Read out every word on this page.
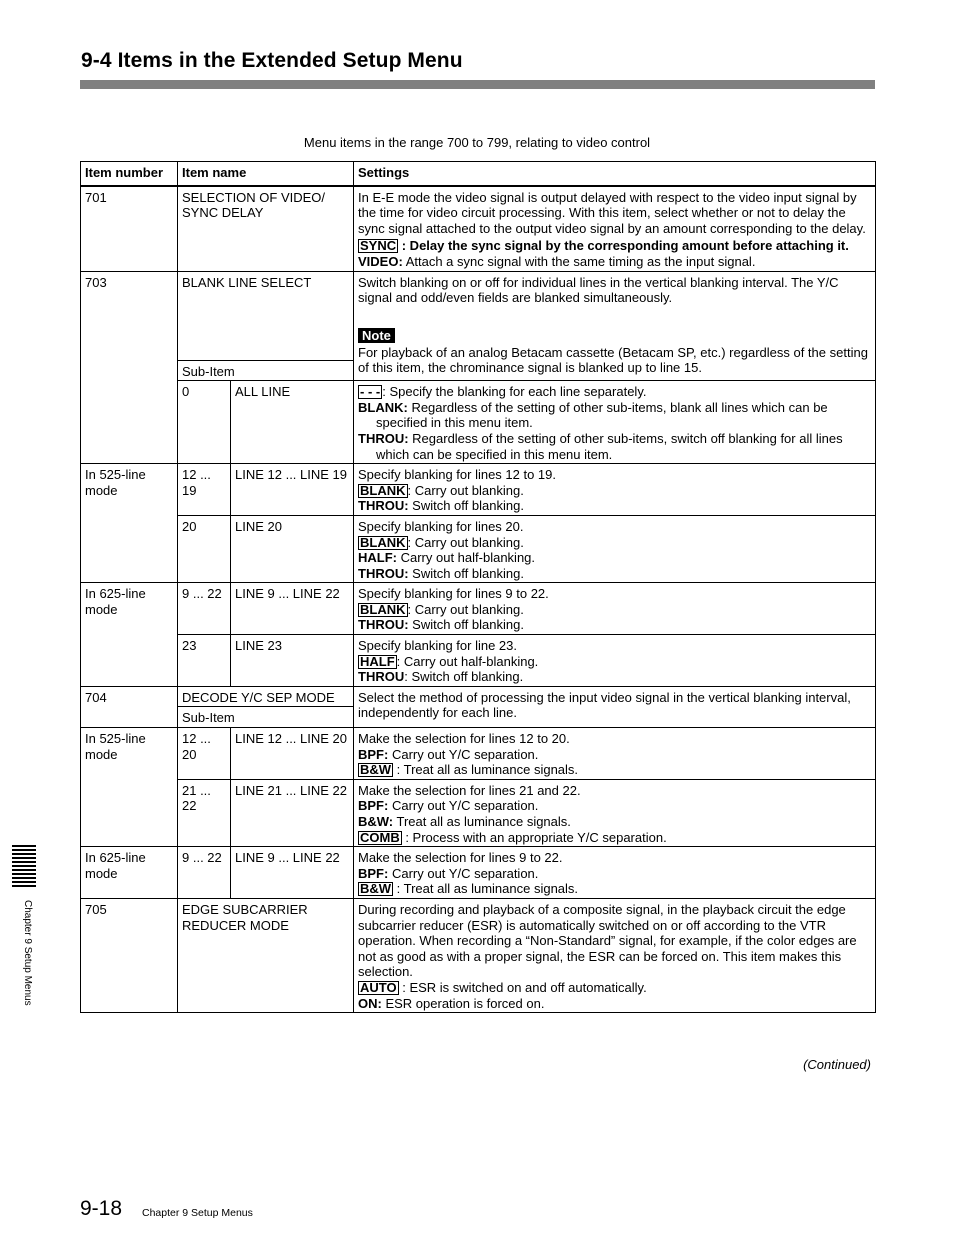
9-4 Items in the Extended Setup Menu
Menu items in the range 700 to 799, relating to video control
Item number	Item name		Settings
701	SELECTION OF VIDEO/ SYNC DELAY		In E-E mode the video signal is output delayed with respect to the video input signal by the time for video circuit processing. With this item, select whether or not to delay the sync signal attached to the output video signal by an amount corresponding to the delay.
SYNC : Delay the sync signal by the corresponding amount before attaching it.
VIDEO: Attach a sync signal with the same timing as the input signal.

703	BLANK LINE SELECT		Switch blanking on or off for individual lines in the vertical blanking interval. The Y/C signal and odd/even fields are blanked simultaneously.
Note
For playback of an analog Betacam cassette (Betacam SP, etc.) regardless of the setting of this item, the chrominance signal is blanked up to line 15.

	Sub-Item		
	0	ALL LINE	- - - : Specify the blanking for each line separately.
BLANK: Regardless of the setting of other sub-items, blank all lines which can be specified in this menu item.
THROU: Regardless of the setting of other sub-items, switch off blanking for all lines which can be specified in this menu item.

In 525-line mode	12 ... 19	LINE 12 ... LINE 19	Specify blanking for lines 12 to 19.
BLANK : Carry out blanking.
THROU: Switch off blanking.

	20	LINE 20	Specify blanking for lines 20.
BLANK : Carry out blanking.
HALF: Carry out half-blanking.
THROU: Switch off blanking.

In 625-line mode	9 ... 22	LINE 9 ... LINE 22	Specify blanking for lines 9 to 22.
BLANK : Carry out blanking.
THROU: Switch off blanking.

	23	LINE 23	Specify blanking for line 23.
HALF : Carry out half-blanking.
THROU: Switch off blanking.

704	DECODE Y/C SEP MODE		Select the method of processing the input video signal in the vertical blanking interval, independently for each line.

	Sub-Item		
In 525-line mode	12 ... 20	LINE 12 ... LINE 20	Make the selection for lines 12 to 20.
BPF: Carry out Y/C separation.
B&W : Treat all as luminance signals.

	21 ... 22	LINE 21 ... LINE 22	Make the selection for lines 21 and 22.
BPF: Carry out Y/C separation.
B&W: Treat all as luminance signals.
COMB : Process with an appropriate Y/C separation.

In 625-line mode	9 ... 22	LINE 9 ... LINE 22	Make the selection for lines 9 to 22.
BPF: Carry out Y/C separation.
B&W : Treat all as luminance signals.

705	EDGE SUBCARRIER REDUCER MODE		During recording and playback of a composite signal, in the playback circuit the edge subcarrier reducer (ESR) is automatically switched on or off according to the VTR operation. When recording a “Non-Standard” signal, for example, if the color edges are not as good as with a proper signal, the ESR can be forced on. This item makes this selection.
AUTO : ESR is switched on and off automatically.
ON: ESR operation is forced on.
(Continued)
Chapter 9 Setup Menus
9-18 Chapter 9 Setup Menus
